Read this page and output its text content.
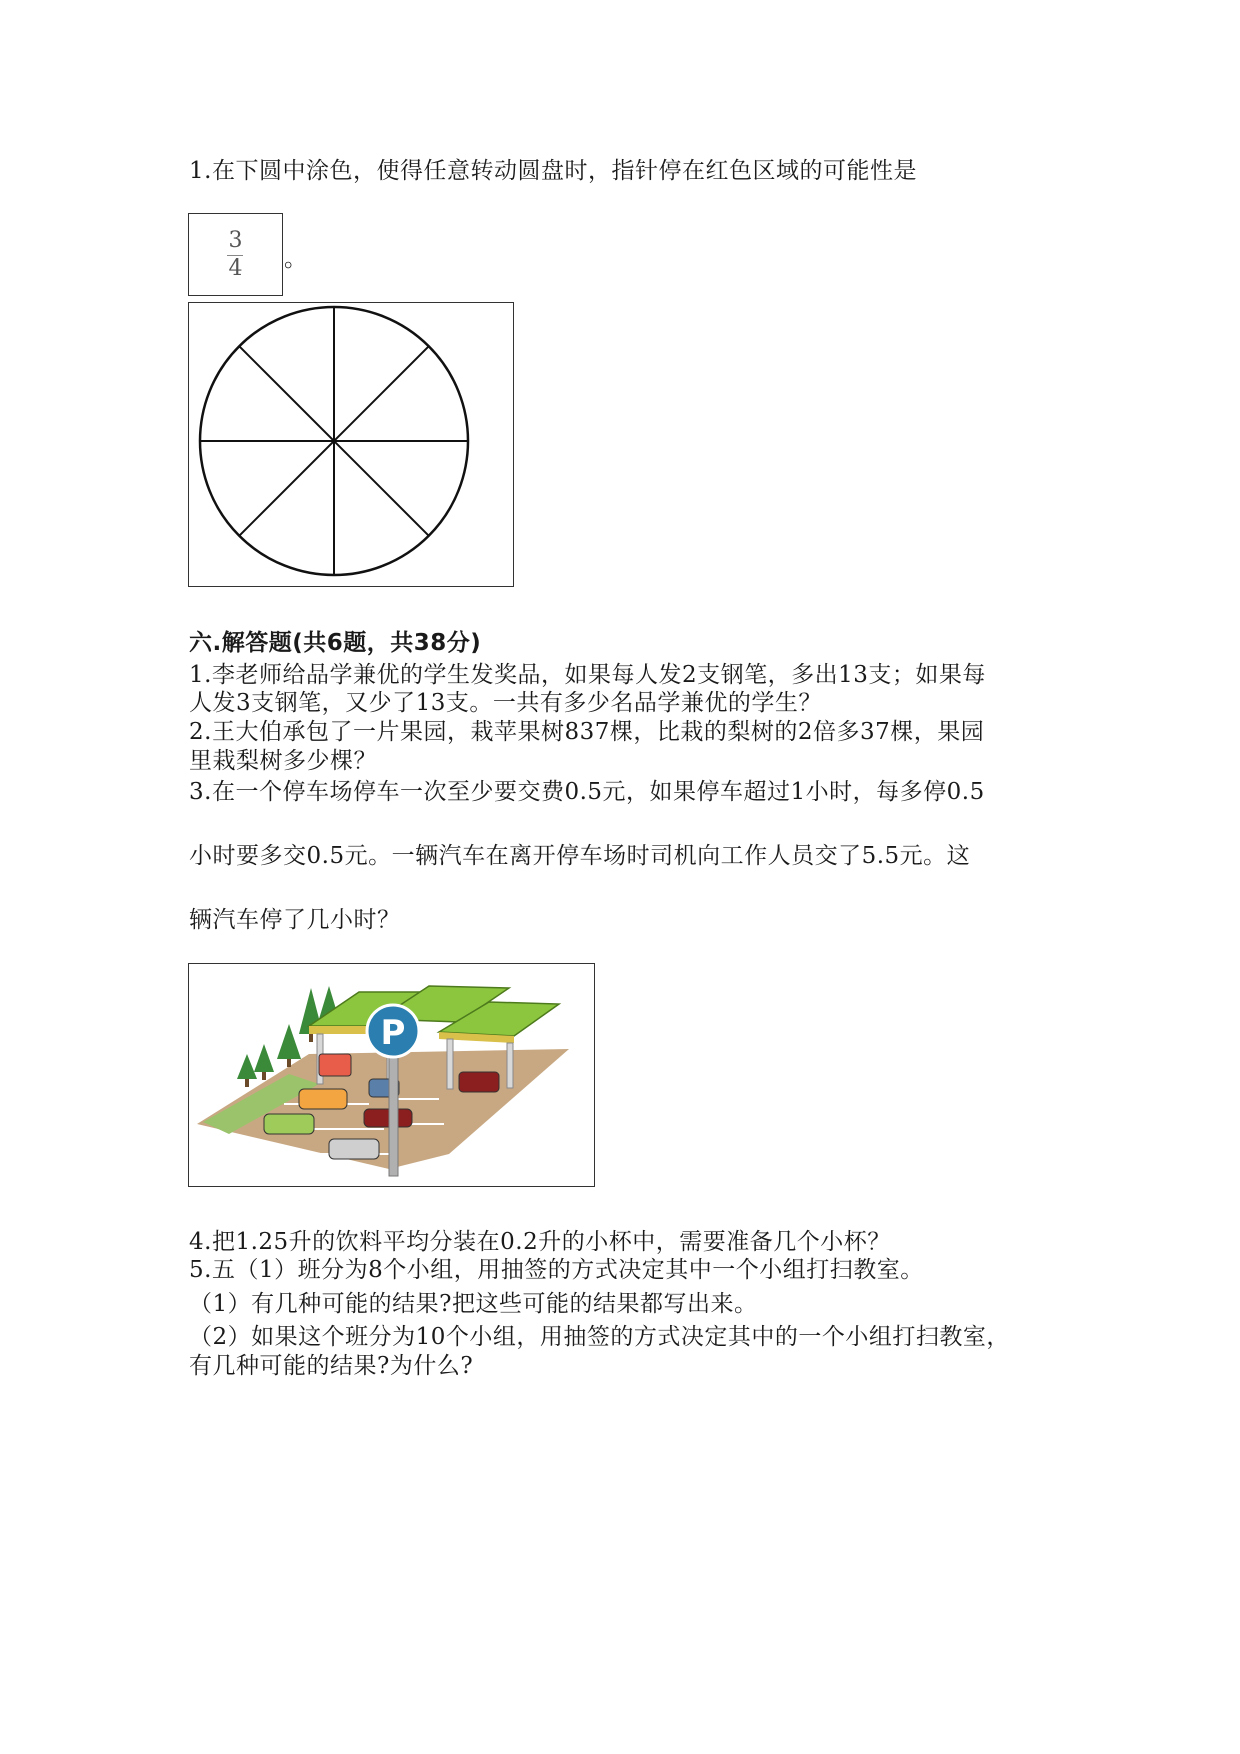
1.在下圆中涂色，使得任意转动圆盘时，指针停在红色区域的可能性是
3
4	。
六.解答题(共6题，共38分)
1.李老师给品学兼优的学生发奖品，如果每人发2支钢笔，多出13支；如果每
人发3支钢笔，又少了13支。一共有多少名品学兼优的学生？
2.王大伯承包了一片果园，栽苹果树837棵，比栽的梨树的2倍多37棵，果园
里栽梨树多少棵？
3.在一个停车场停车一次至少要交费0.5元，如果停车超过1小时，每多停0.5
小时要多交0.5元。一辆汽车在离开停车场时司机向工作人员交了5.5元。这
辆汽车停了几小时？
P
4.把1.25升的饮料平均分装在0.2升的小杯中，需要准备几个小杯？
5.五（1）班分为8个小组，用抽签的方式决定其中一个小组打扫教室。
（1）有几种可能的结果?把这些可能的结果都写出来。
（2）如果这个班分为10个小组，用抽签的方式决定其中的一个小组打扫教室，
有几种可能的结果?为什么?
